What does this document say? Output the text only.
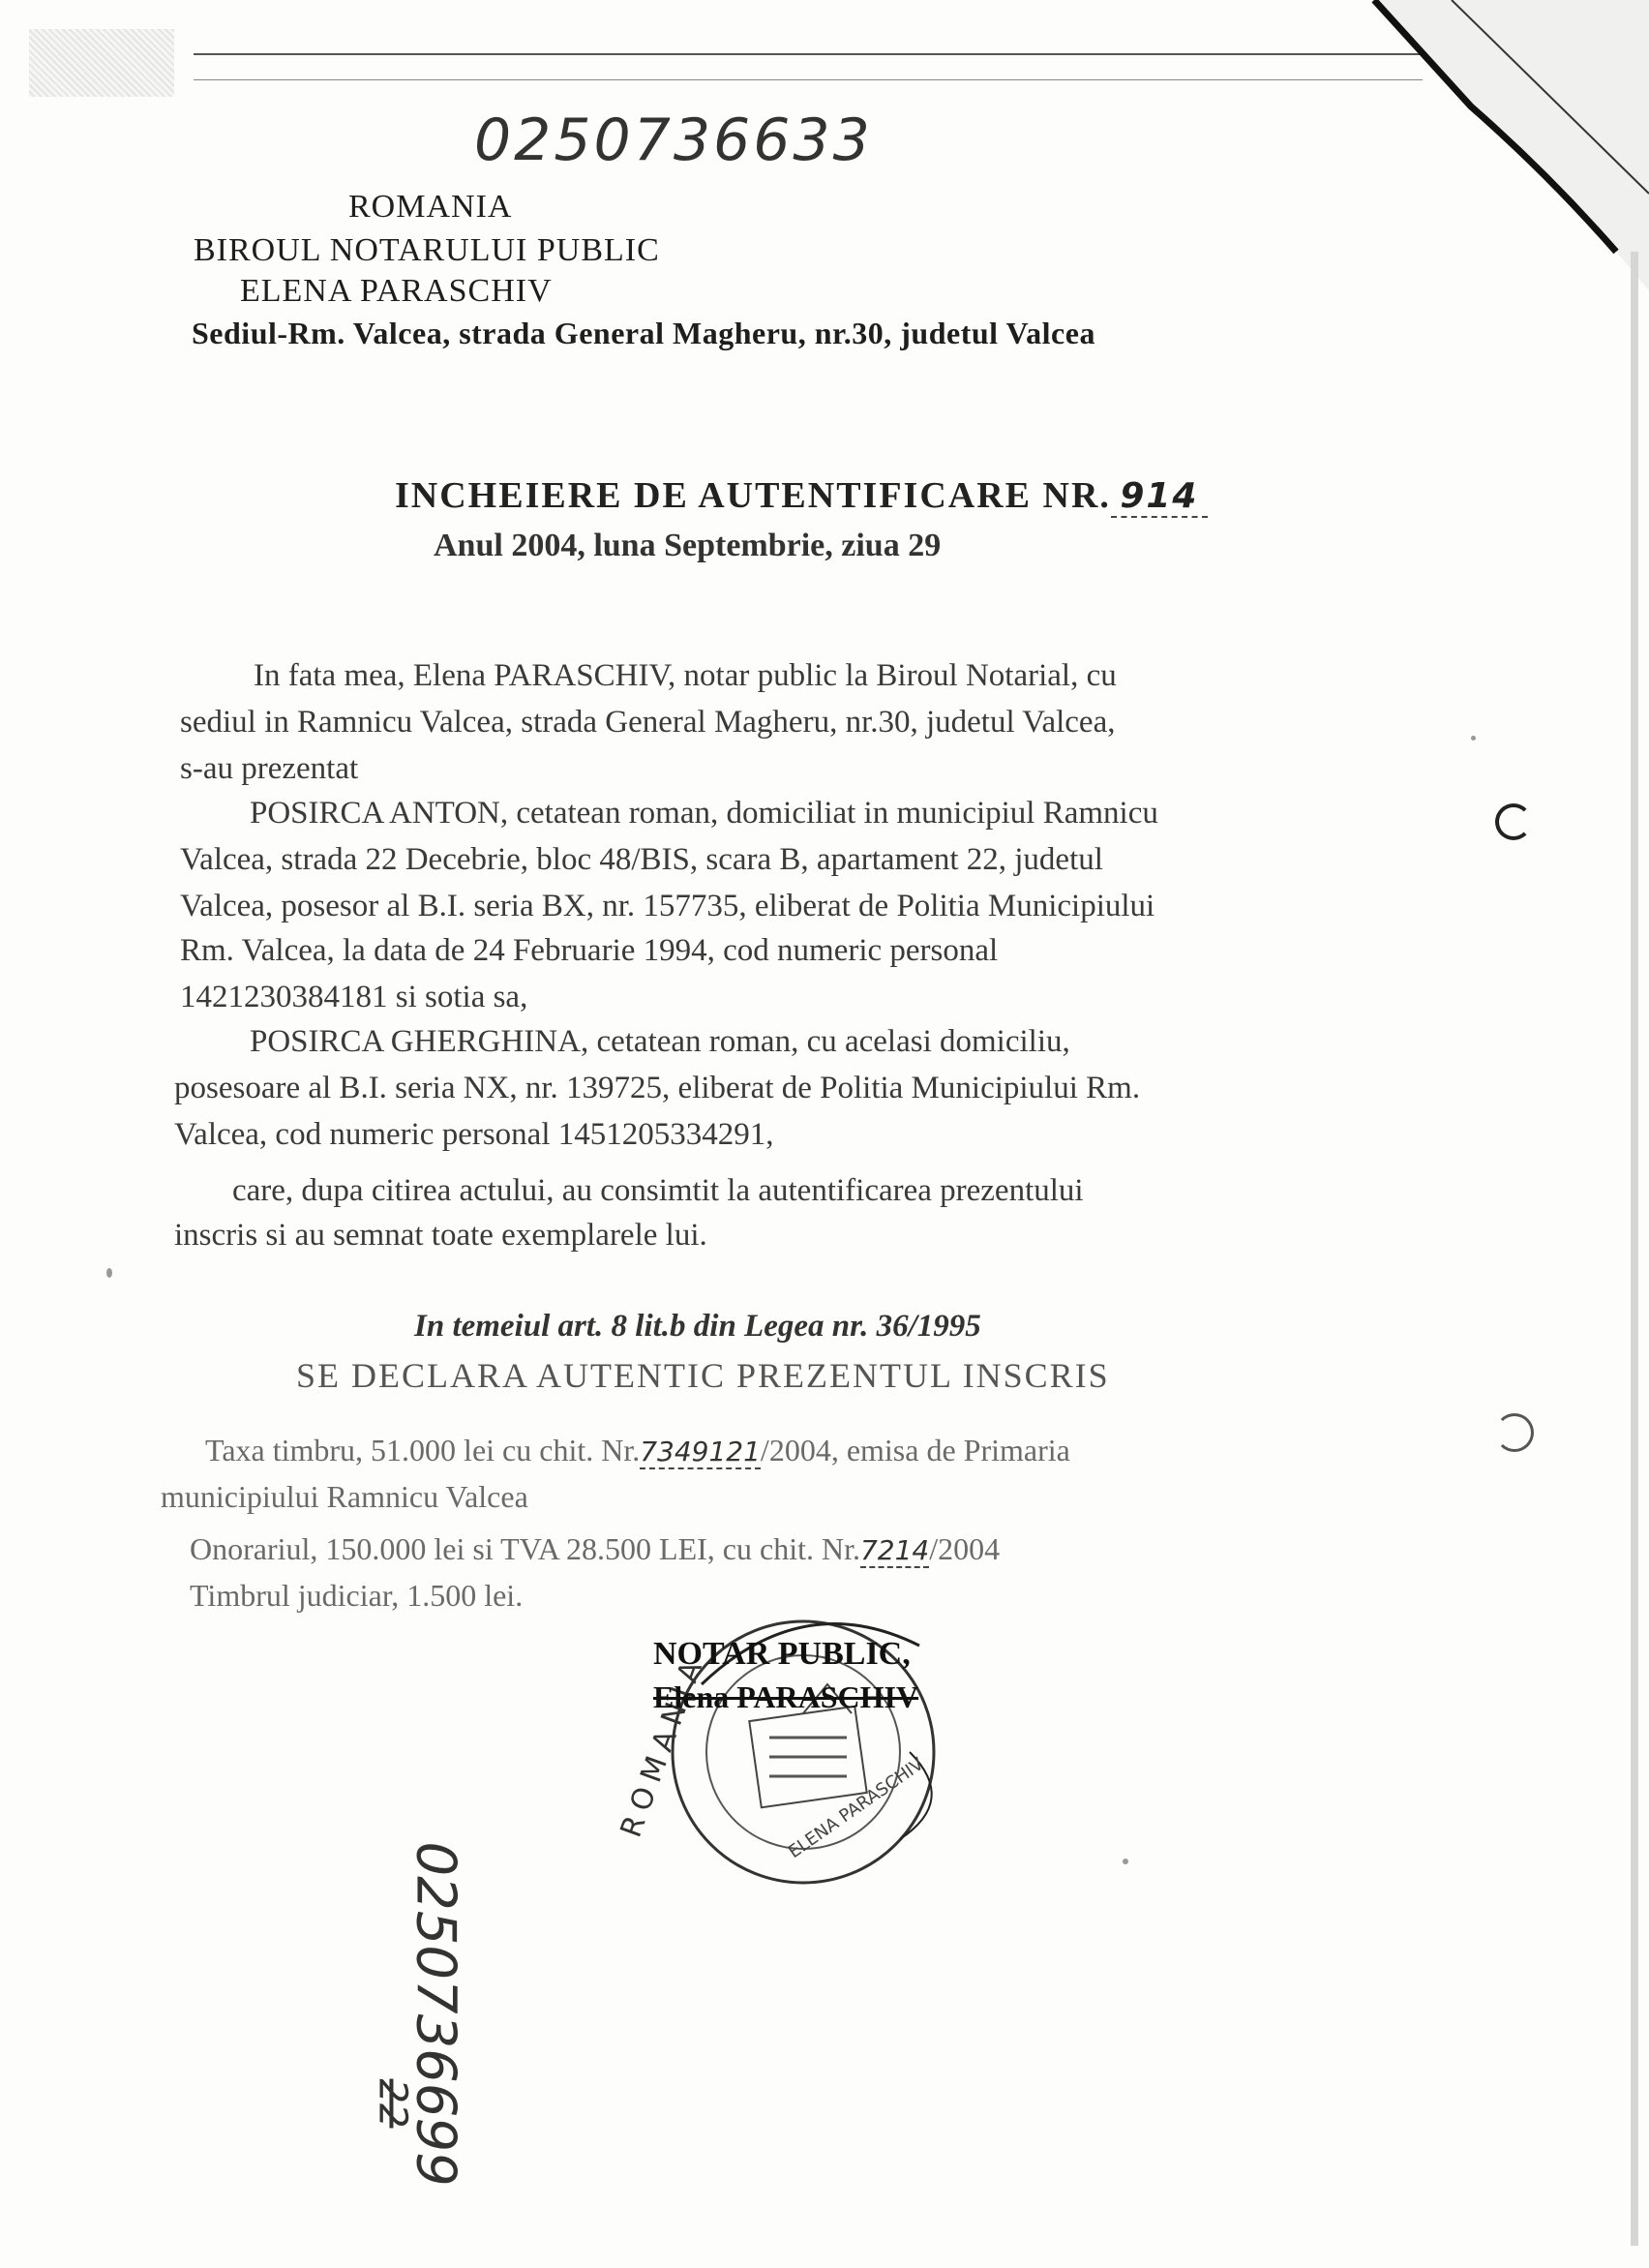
0250736633
ROMANIA
BIROUL NOTARULUI PUBLIC
ELENA PARASCHIV
Sediul-Rm. Valcea, strada General Magheru, nr.30, judetul Valcea
INCHEIERE DE AUTENTIFICARE NR. 914
Anul 2004, luna Septembrie, ziua 29
In fata mea, Elena PARASCHIV, notar public la Biroul Notarial, cu
sediul in Ramnicu Valcea, strada General Magheru, nr.30, judetul Valcea,
s-au prezentat
POSIRCA ANTON, cetatean roman, domiciliat in municipiul Ramnicu
Valcea, strada 22 Decebrie, bloc 48/BIS, scara B, apartament 22, judetul
Valcea, posesor al B.I. seria BX, nr. 157735, eliberat de Politia Municipiului
Rm. Valcea, la data de 24 Februarie 1994, cod numeric personal
1421230384181 si sotia sa,
POSIRCA GHERGHINA, cetatean roman, cu acelasi domiciliu,
posesoare al B.I. seria NX, nr. 139725, eliberat de Politia Municipiului Rm.
Valcea, cod numeric personal 1451205334291,
care, dupa citirea actului, au consimtit la autentificarea prezentului
inscris si au semnat toate exemplarele lui.
In temeiul art. 8 lit.b din Legea nr. 36/1995
SE DECLARA AUTENTIC PREZENTUL INSCRIS
Taxa timbru, 51.000 lei cu chit. Nr.7349121/2004, emisa de Primaria
municipiului Ramnicu Valcea
Onorariul, 150.000 lei si TVA 28.500 LEI, cu chit. Nr.7214/2004
Timbrul judiciar, 1.500 lei.
ROMANIA	ELENA PARASCHIV
NOTAR PUBLIC,
Elena PARASCHIV
0250736699
22
